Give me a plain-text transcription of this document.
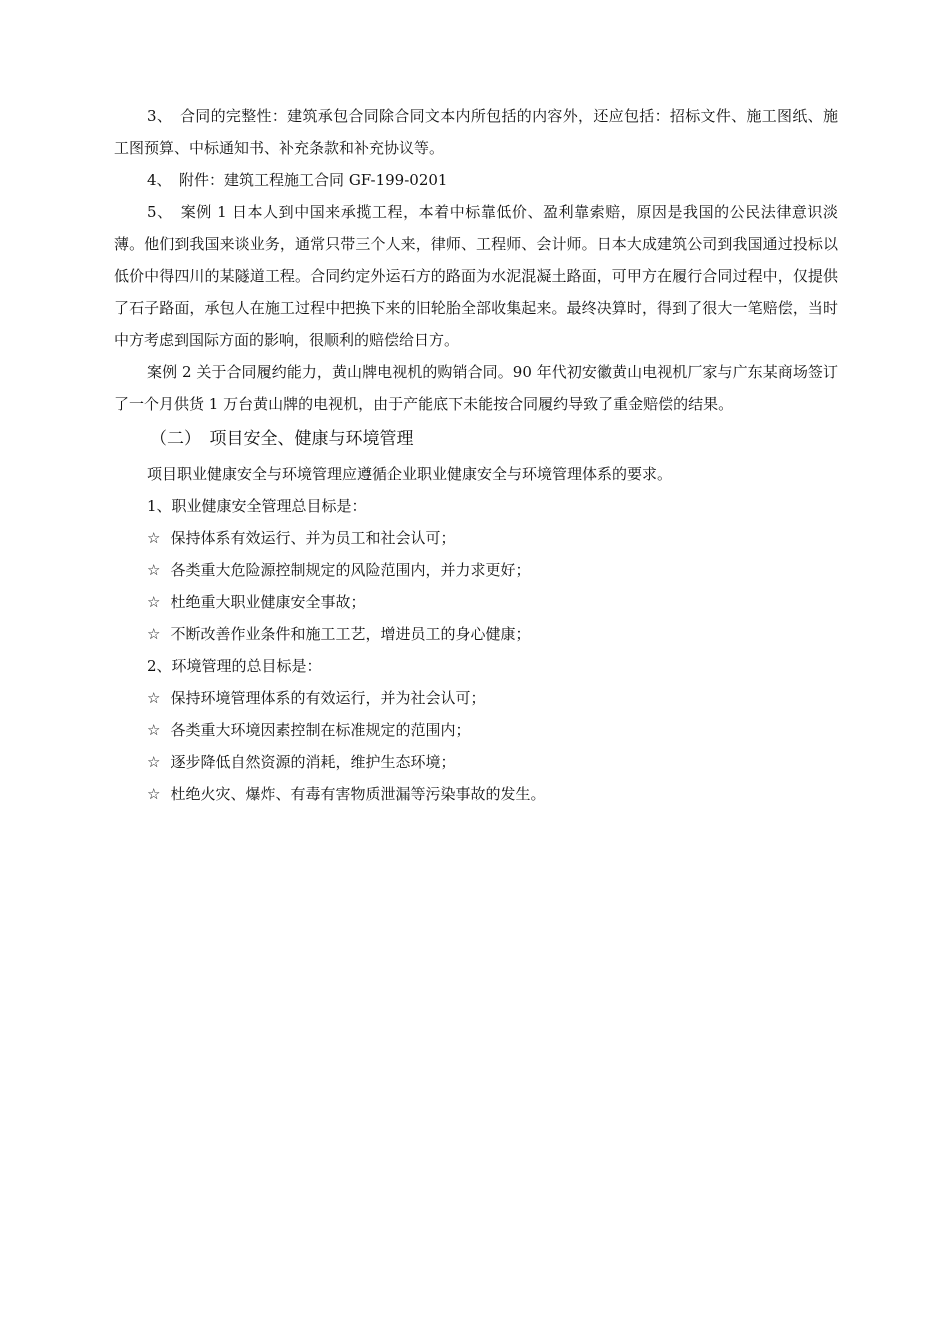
3、　合同的完整性：建筑承包合同除合同文本内所包括的内容外，还应包括：招标文件、施工图纸、施工图预算、中标通知书、补充条款和补充协议等。

4、　附件：建筑工程施工合同 GF-199-0201

5、　案例 1 日本人到中国来承揽工程，本着中标靠低价、盈利靠索赔，原因是我国的公民法律意识淡薄。他们到我国来谈业务，通常只带三个人来，律师、工程师、会计师。日本大成建筑公司到我国通过投标以低价中得四川的某隧道工程。合同约定外运石方的路面为水泥混凝土路面，可甲方在履行合同过程中，仅提供了石子路面，承包人在施工过程中把换下来的旧轮胎全部收集起来。最终决算时，得到了很大一笔赔偿，当时中方考虑到国际方面的影响，很顺利的赔偿给日方。

案例 2 关于合同履约能力，黄山牌电视机的购销合同。90 年代初安徽黄山电视机厂家与广东某商场签订了一个月供货 1 万台黄山牌的电视机，由于产能底下未能按合同履约导致了重金赔偿的结果。

（二）　项目安全、健康与环境管理

项目职业健康安全与环境管理应遵循企业职业健康安全与环境管理体系的要求。

1、职业健康安全管理总目标是：

☆ 保持体系有效运行、并为员工和社会认可；

☆ 各类重大危险源控制规定的风险范围内，并力求更好；

☆ 杜绝重大职业健康安全事故；

☆ 不断改善作业条件和施工工艺，增进员工的身心健康；

2、环境管理的总目标是：

☆ 保持环境管理体系的有效运行，并为社会认可；

☆ 各类重大环境因素控制在标准规定的范围内；

☆ 逐步降低自然资源的消耗，维护生态环境；

☆ 杜绝火灾、爆炸、有毒有害物质泄漏等污染事故的发生。
